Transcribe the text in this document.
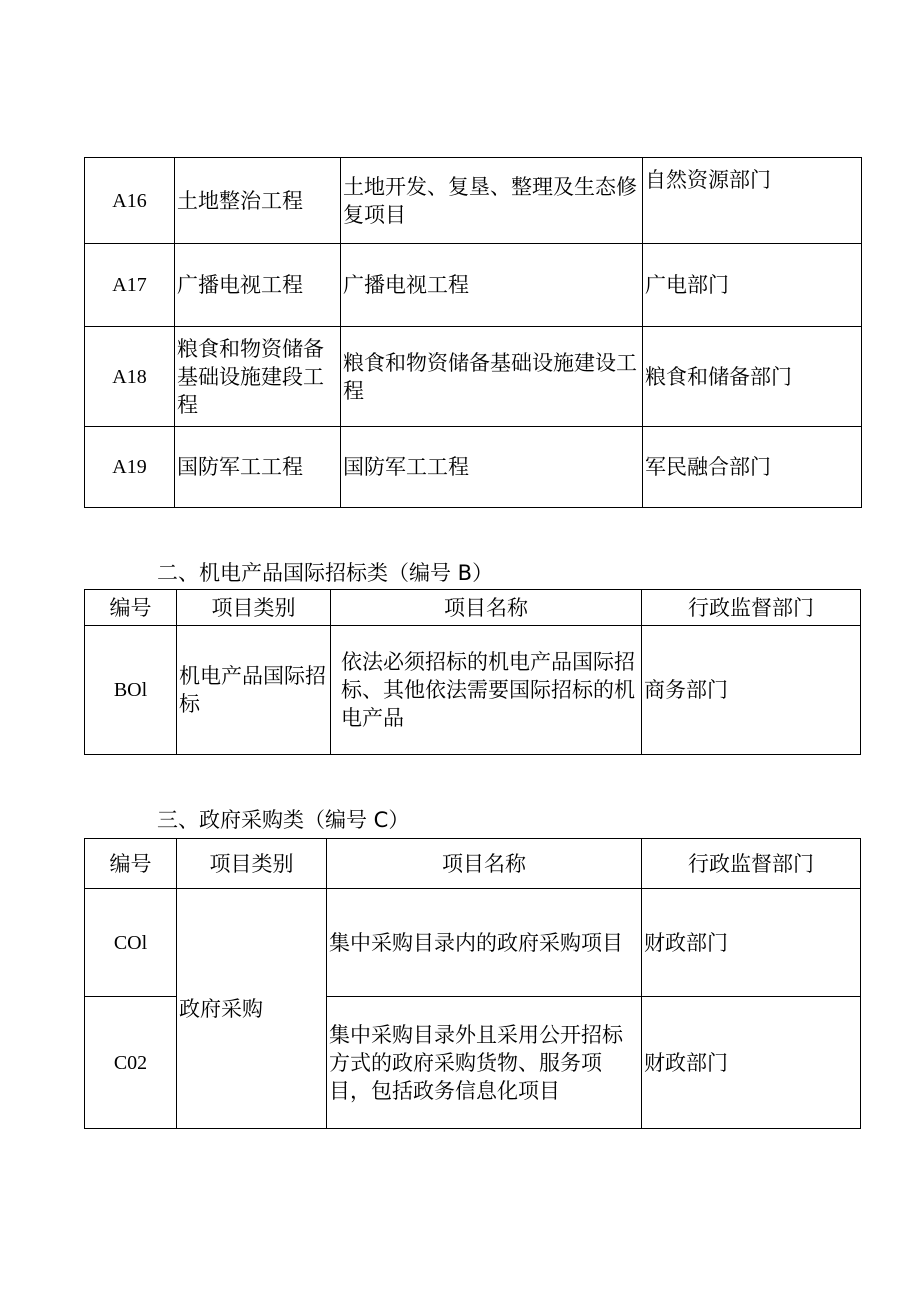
A16	土地整治工程	土地开发、复垦、整理及生态修复项目	自然资源部门
A17	广播电视工程	广播电视工程	广电部门
A18	粮食和物资储备基础设施建段工程	粮食和物资储备基础设施建设工程	粮食和储备部门
A19	国防军工工程	国防军工工程	军民融合部门
二、机电产品国际招标类（编号 B）
编号	项目类别	项目名称	行政监督部门
BOl	机电产品国际招标	依法必须招标的机电产品国际招标、其他依法需要国际招标的机电产品	商务部门
三、政府采购类（编号 C）
编号	项目类别	项目名称	行政监督部门
COl	政府采购	集中采购目录内的政府采购项目	财政部门
C02		集中采购目录外且采用公开招标方式的政府采购货物、服务项目，包括政务信息化项目	财政部门
